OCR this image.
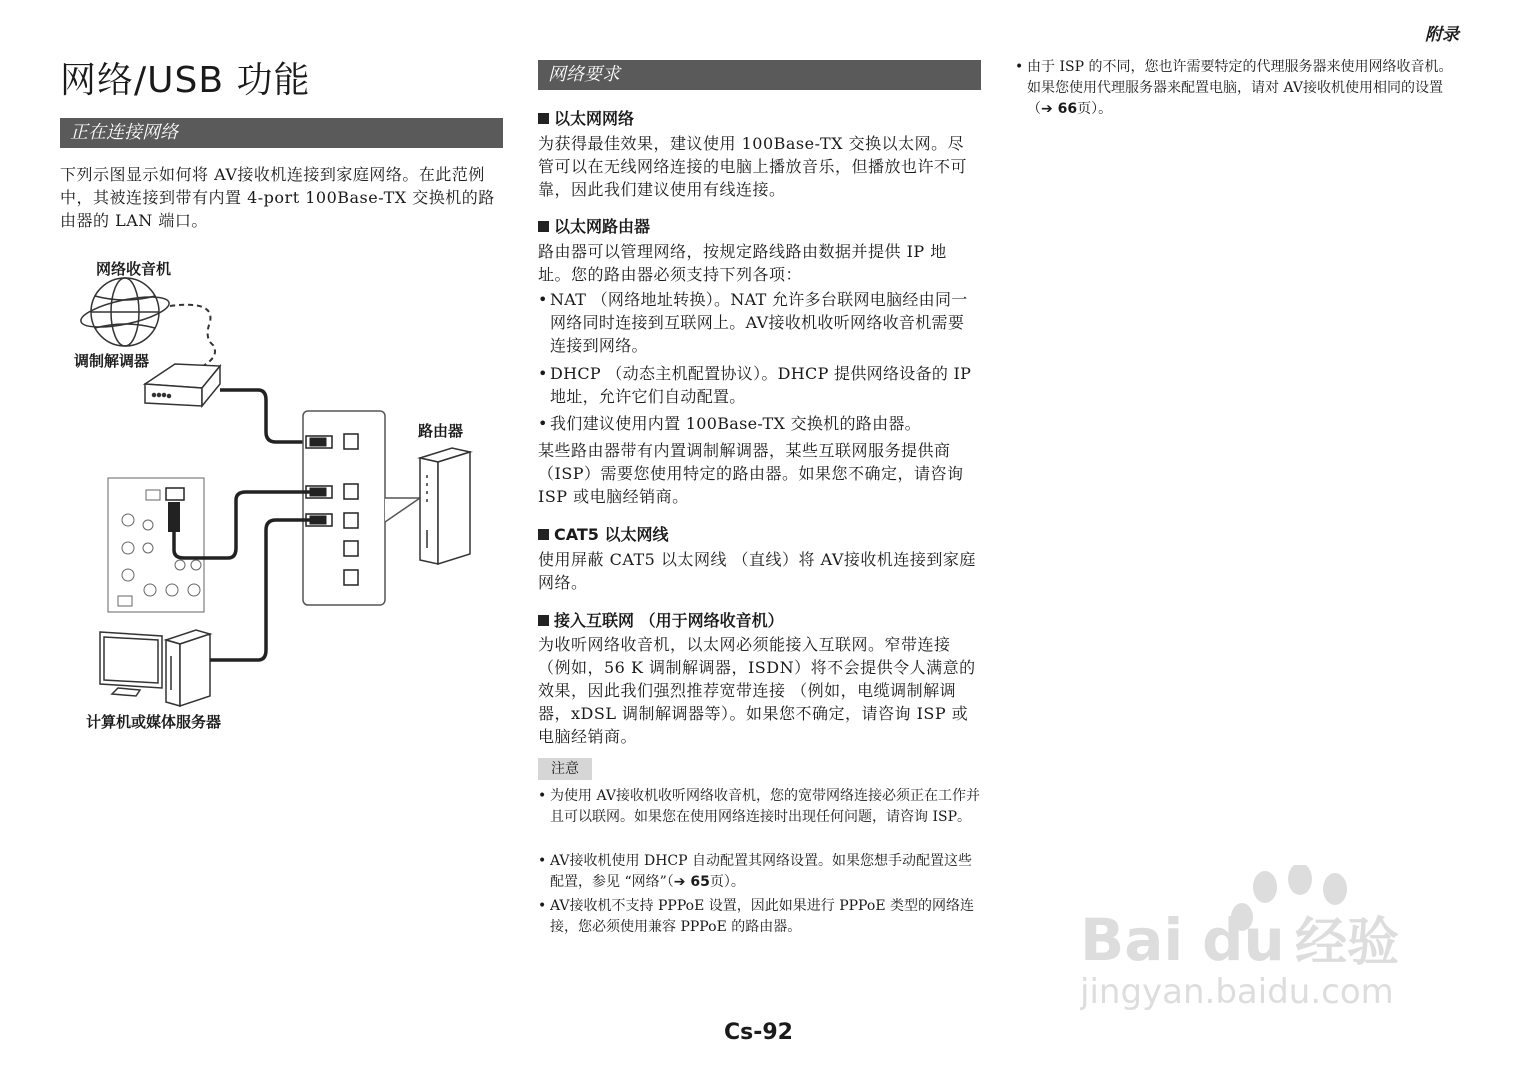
附录
网络/USB 功能
正在连接网络
下列示图显示如何将 AV接收机连接到家庭网络。在此范例中，其被连接到带有内置 4-port 100Base-TX 交换机的路由器的 LAN 端口。
网络收音机
调制解调器
路由器
计算机或媒体服务器
网络要求
以太网网络
为获得最佳效果，建议使用 100Base-TX 交换以太网。尽管可以在无线网络连接的电脑上播放音乐，但播放也许不可靠，因此我们建议使用有线连接。
以太网路由器
路由器可以管理网络，按规定路线路由数据并提供 IP 地址。您的路由器必须支持下列各项：
• NAT （网络地址转换）。NAT 允许多台联网电脑经由同一网络同时连接到互联网上。AV接收机收听网络收音机需要连接到网络。
• DHCP （动态主机配置协议）。DHCP 提供网络设备的 IP 地址，允许它们自动配置。
• 我们建议使用内置 100Base-TX 交换机的路由器。
某些路由器带有内置调制解调器，某些互联网服务提供商 （ISP）需要您使用特定的路由器。如果您不确定，请咨询 ISP 或电脑经销商。
CAT5 以太网线
使用屏蔽 CAT5 以太网线 （直线）将 AV接收机连接到家庭网络。
接入互联网 （用于网络收音机）
为收听网络收音机，以太网必须能接入互联网。窄带连接 （例如，56 K 调制解调器，ISDN）将不会提供令人满意的效果，因此我们强烈推荐宽带连接 （例如，电缆调制解调器，xDSL 调制解调器等）。如果您不确定，请咨询 ISP 或电脑经销商。
注意
• 为使用 AV接收机收听网络收音机，您的宽带网络连接必须正在工作并且可以联网。如果您在使用网络连接时出现任何问题，请咨询 ISP。
• AV接收机使用 DHCP 自动配置其网络设置。如果您想手动配置这些配置，参见 “网络”（➔ 65页）。
• AV接收机不支持 PPPoE 设置，因此如果进行 PPPoE 类型的网络连接，您必须使用兼容 PPPoE 的路由器。
• 由于 ISP 的不同，您也许需要特定的代理服务器来使用网络收音机。如果您使用代理服务器来配置电脑，请对 AV接收机使用相同的设置 （➔ 66页）。
Cs-92
Bai du 经验
jingyan.baidu.com
